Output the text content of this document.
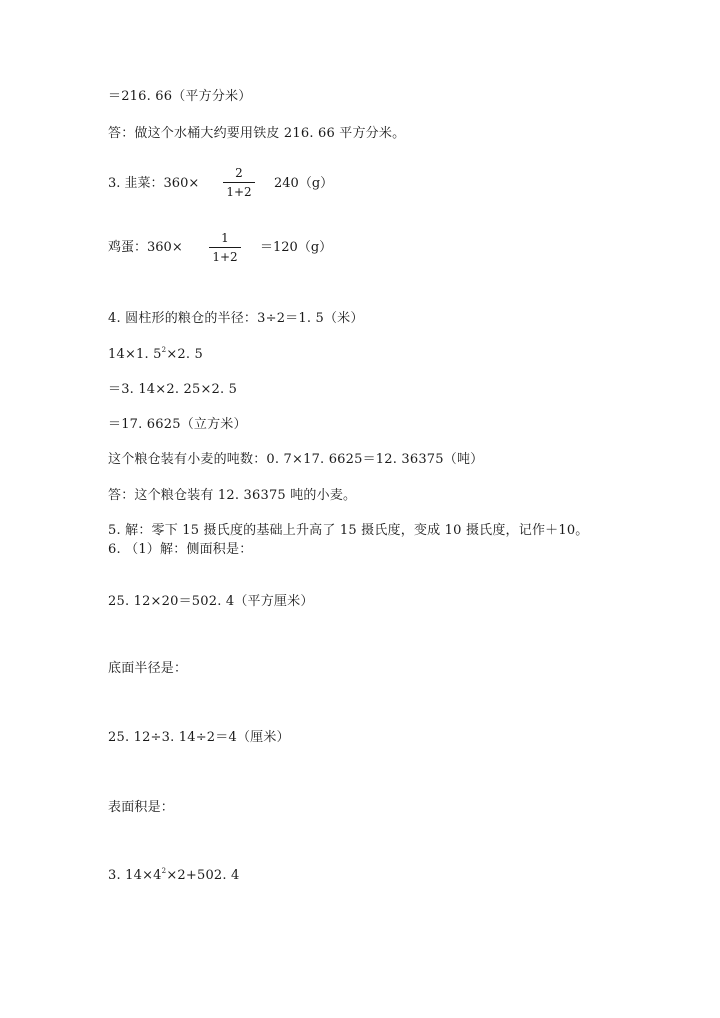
＝216. 66（平方分米）
答：做这个水桶大约要用铁皮 216. 66 平方分米。
3. 韭菜：360×
2
1+2
240（g）
鸡蛋：360×
1
1+2
＝120（g）
4. 圆柱形的粮仓的半径：3÷2＝1. 5（米）
14×1. $5^2\times 2$. 5
＝3. 14×2. 25×2. 5
＝17. 6625（立方米）
这个粮仓装有小麦的吨数：0. 7×17. 6625＝12. 36375（吨）
答：这个粮仓装有 12. 36375 吨的小麦。
5. 解：零下 15 摄氏度的基础上升高了 15 摄氏度，变成 10 摄氏度，记作＋10。
6. （1）解：侧面积是：
25. 12×20＝502. 4（平方厘米）
底面半径是：
25. 12÷3. 14÷2＝4（厘米）
表面积是：
3. $14\times 4^2\times 2+502$. 4
